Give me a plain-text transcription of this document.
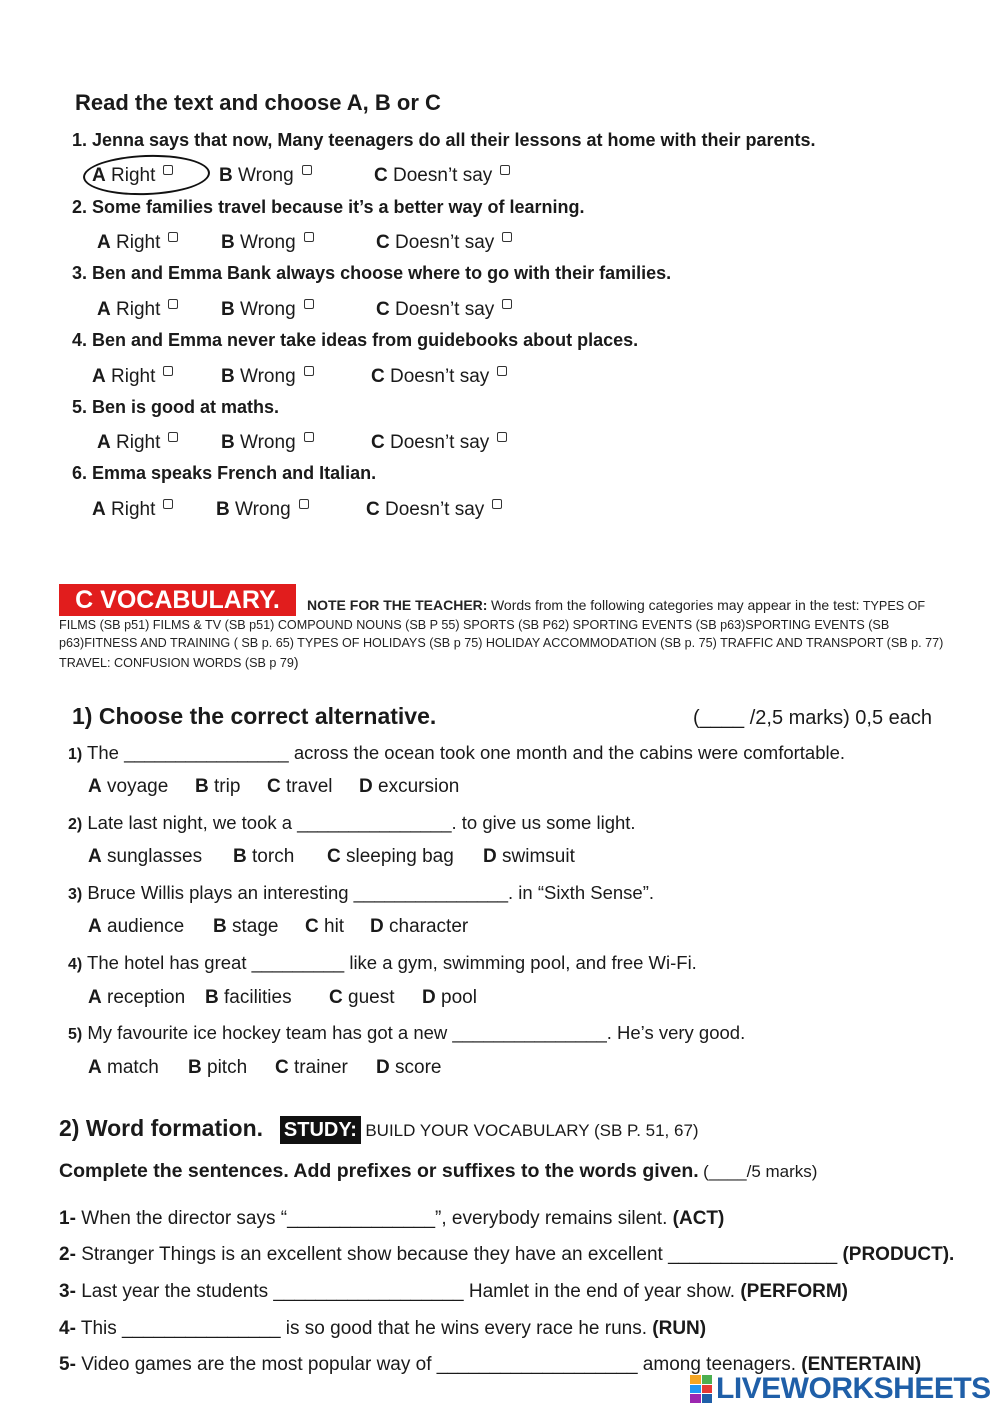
Read the text and choose A, B or C
1. Jenna says that now, Many teenagers do all their lessons at home with their parents.
A Right	B Wrong	C Doesn’t say
2. Some families travel because it’s a better way of learning.
A Right	B Wrong	C Doesn’t say
3. Ben and Emma Bank always choose where to go with their families.
A Right	B Wrong	C Doesn’t say
4. Ben and Emma never take ideas from guidebooks about places.
A Right	B Wrong	C Doesn’t say
5. Ben is good at maths.
A Right	B Wrong	C Doesn’t say
6. Emma speaks French and Italian.
A Right	B Wrong	C Doesn’t say
NOTE FOR THE TEACHER: Words from the following categories may appear in the test: TYPES OF FILMS (SB p51) FILMS & TV (SB p51) COMPOUND NOUNS (SB P 55) SPORTS (SB P62) SPORTING EVENTS (SB p63)SPORTING EVENTS (SB p63)FITNESS AND TRAINING ( SB p. 65) TYPES OF HOLIDAYS (SB p 75) HOLIDAY ACCOMMODATION (SB p. 75) TRAFFIC AND TRANSPORT (SB p. 77) TRAVEL: CONFUSION WORDS (SB p 79)
C VOCABULARY.
1) Choose the correct alternative.	(____ /2,5 marks) 0,5 each
1) The ________________ across the ocean took one month and the cabins were comfortable.
A voyage B trip C travel D excursion
2) Late last night, we took a _______________. to give us some light.
A sunglasses B torch C sleeping bag D swimsuit
3) Bruce Willis plays an interesting _______________. in “Sixth Sense”.
A audience B stage C hit D character
4) The hotel has great _________ like a gym, swimming pool, and free Wi-Fi.
A reception B facilities C guest D pool
5) My favourite ice hockey team has got a new _______________. He’s very good.
A match B pitch C trainer D score
2) Word formation. STUDY: BUILD YOUR VOCABULARY (SB P. 51, 67)
Complete the sentences. Add prefixes or suffixes to the words given. (____/5 marks)
1- When the director says “______________”, everybody remains silent. (ACT)
2- Stranger Things is an excellent show because they have an excellent ________________ (PRODUCT).
3- Last year the students __________________ Hamlet in the end of year show. (PERFORM)
4- This _______________ is so good that he wins every race he runs. (RUN)
5- Video games are the most popular way of ___________________ among teenagers. (ENTERTAIN)
LIVEWORKSHEETS
